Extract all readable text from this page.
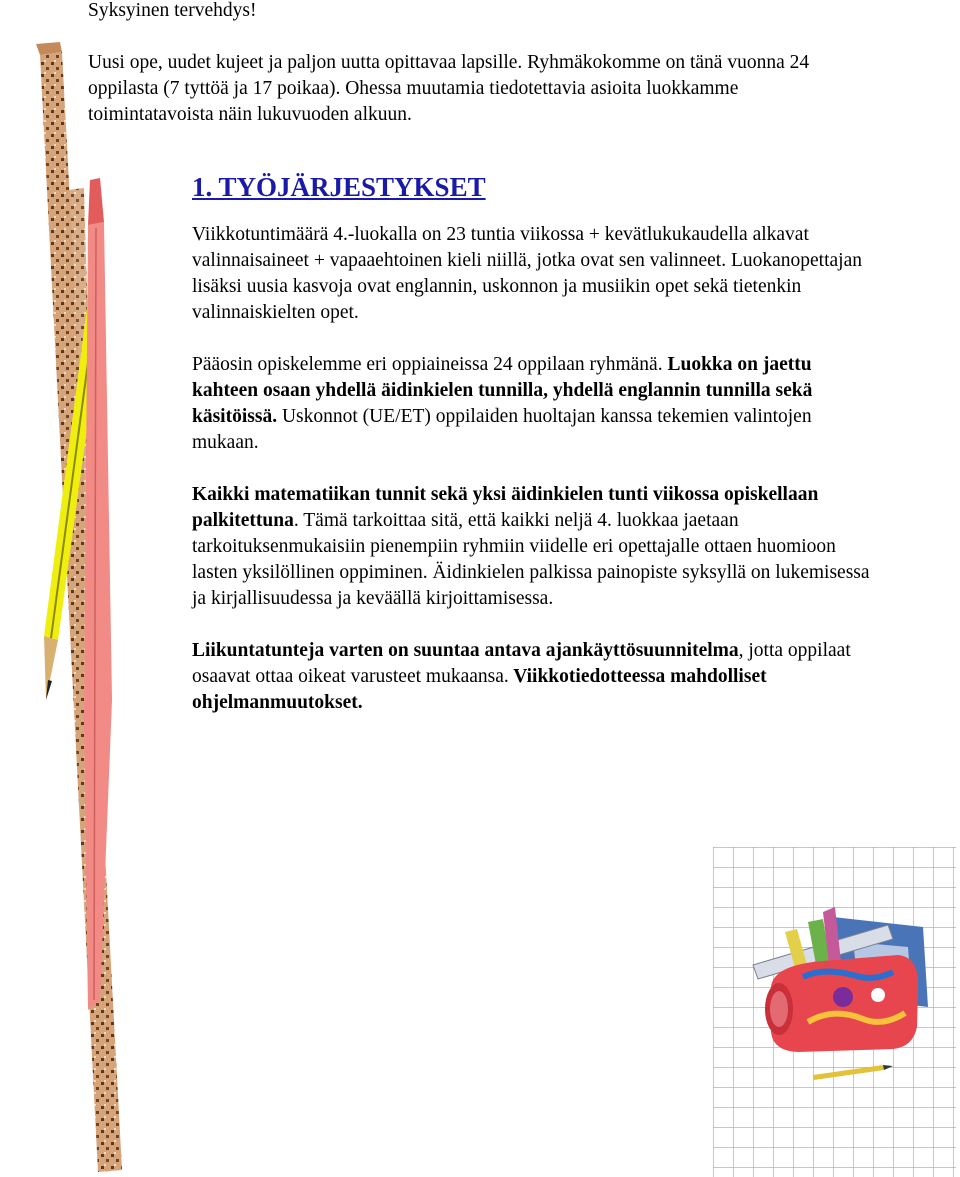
Syksyinen tervehdys!

Uusi ope, uudet kujeet ja paljon uutta opittavaa lapsille. Ryhmäkokomme on tänä vuonna 24 oppilasta (7 tyttöä ja 17 poikaa). Ohessa muutamia tiedotettavia asioita luokkamme toimintatavoista näin lukuvuoden alkuun.

1. TYÖJÄRJESTYKSET

Viikkotuntimäärä 4.-luokalla on 23 tuntia viikossa + kevätlukukaudella alkavat valinnaisaineet + vapaaehtoinen kieli niillä, jotka ovat sen valinneet. Luokanopettajan lisäksi uusia kasvoja ovat englannin, uskonnon ja musiikin opet sekä tietenkin valinnaiskielten opet.

Pääosin opiskelemme eri oppiaineissa 24 oppilaan ryhmänä. Luokka on jaettu kahteen osaan yhdellä äidinkielen tunnilla, yhdellä englannin tunnilla sekä käsitöissä. Uskonnot (UE/ET) oppilaiden huoltajan kanssa tekemien valintojen mukaan.

Kaikki matematiikan tunnit sekä yksi äidinkielen tunti viikossa opiskellaan palkitettuna. Tämä tarkoittaa sitä, että kaikki neljä 4. luokkaa jaetaan tarkoituksenmukaisiin pienempiin ryhmiin viidelle eri opettajalle ottaen huomioon lasten yksilöllinen oppiminen. Äidinkielen palkissa painopiste syksyllä on lukemisessa ja kirjallisuudessa ja keväällä kirjoittamisessa.

Liikuntatunteja varten on suuntaa antava ajankäyttösuunnitelma, jotta oppilaat osaavat ottaa oikeat varusteet mukaansa. Viikkotiedotteessa mahdolliset ohjelmanmuutokset.
